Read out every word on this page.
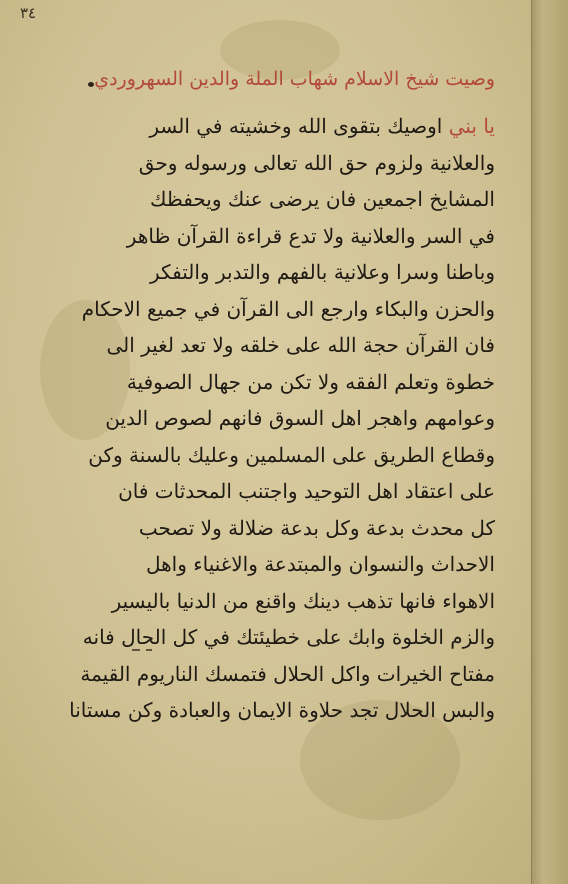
٣٤
وصيت شيخ الاسلام شهاب الملة والدين السهروردي
يا بني اوصيك بتقوى الله وخشيته في السر
والعلانية ولزوم حق الله تعالى ورسوله وحق
المشايخ اجمعين فان يرضى عنك ويحفظك
في السر والعلانية ولا تدع قراءة القرآن ظاهر
وباطنا وسرا وعلانية بالفهم والتدبر والتفكر
والحزن والبكاء وارجع الى القرآن في جميع الاحكام
فان القرآن حجة الله على خلقه ولا تعد لغير الى
خطوة وتعلم الفقه ولا تكن من جهال الصوفية
وعوامهم واهجر اهل السوق فانهم لصوص الدين
وقطاع الطريق على المسلمين وعليك بالسنة وكن
على اعتقاد اهل التوحيد واجتنب المحدثات فان
كل محدث بدعة وكل بدعة ضلالة ولا تصحب
الاحداث والنسوان والمبتدعة والاغنياء واهل
الاهواء فانها تذهب دينك واقنع من الدنيا باليسير
والزم الخلوة وابك على خطيئتك في كل الحال فانه
مفتاح الخيرات واكل الحلال فتمسك الناريوم القيمة
والبس الحلال تجد حلاوة الايمان والعبادة وكن مستانا
